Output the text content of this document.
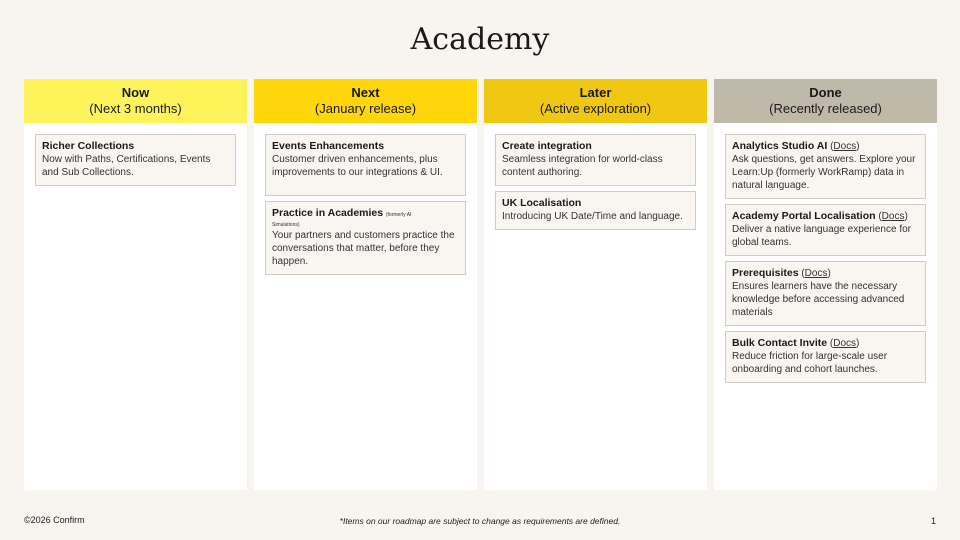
Academy
Now
(Next 3 months)
Richer Collections
Now with Paths, Certifications, Events and Sub Collections.
Next
(January release)
Events Enhancements
Customer driven enhancements, plus improvements to our integrations & UI.
Practice in Academies (formerly AI
Simulations)
Your partners and customers practice the conversations that matter, before they happen.
Later
(Active exploration)
Create integration
Seamless integration for world-class content authoring.
UK Localisation
Introducing UK Date/Time and language.
Done
(Recently released)
Analytics Studio AI (Docs)
Ask questions, get answers. Explore your Learn:Up (formerly WorkRamp) data in natural language.
Academy Portal Localisation (Docs)
Deliver a native language experience for global teams.
Prerequisites (Docs)
Ensures learners have the necessary knowledge before accessing advanced materials
Bulk Contact Invite (Docs)
Reduce friction for large-scale user onboarding and cohort launches.
©2026 Confirm	*Items on our roadmap are subject to change as requirements are defined.	1
